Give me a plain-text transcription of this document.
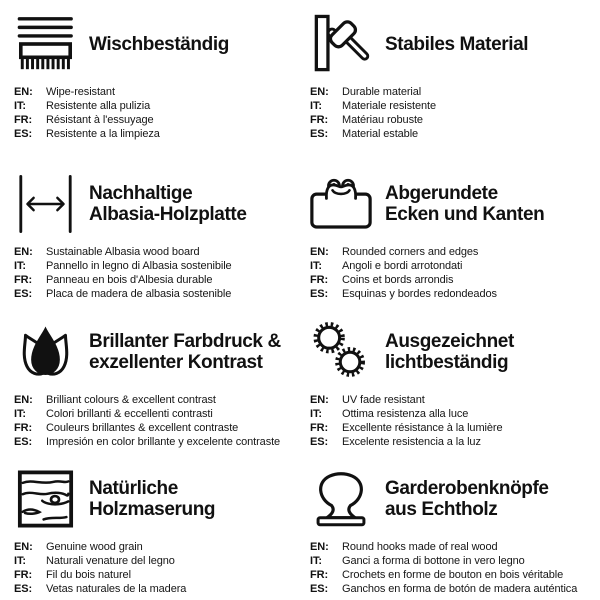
Wischbeständig
EN:	Wipe-resistant
IT:	Resistente alla pulizia
FR:	Résistant à l'essuyage
ES:	Resistente a la limpieza
Stabiles Material
EN:	Durable material
IT:	Materiale resistente
FR:	Matériau robuste
ES:	Material estable
Nachhaltige
Albasia-Holzplatte
EN:	Sustainable Albasia wood board
IT:	Pannello in legno di Albasia sostenibile
FR:	Panneau en bois d'Albesia durable
ES:	Placa de madera de albasia sostenible
Abgerundete
Ecken und Kanten
EN:	Rounded corners and edges
IT:	Angoli e bordi arrotondati
FR:	Coins et bords arrondis
ES:	Esquinas y bordes redondeados
Brillanter Farbdruck &
exzellenter Kontrast
EN:	Brilliant colours & excellent contrast
IT:	Colori brillanti & eccellenti contrasti
FR:	Couleurs brillantes & excellent contraste
ES:	Impresión en color brillante y excelente contraste
Ausgezeichnet
lichtbeständig
EN:	UV fade resistant
IT:	Ottima resistenza alla luce
FR:	Excellente résistance à la lumière
ES:	Excelente resistencia a la luz
Natürliche
Holzmaserung
EN:	Genuine wood grain
IT:	Naturali venature del legno
FR:	Fil du bois naturel
ES:	Vetas naturales de la madera
Garderobenknöpfe
aus Echtholz
EN:	Round hooks made of real wood
IT:	Ganci a forma di bottone in vero legno
FR:	Crochets en forme de bouton en bois véritable
ES:	Ganchos en forma de botón de madera auténtica
